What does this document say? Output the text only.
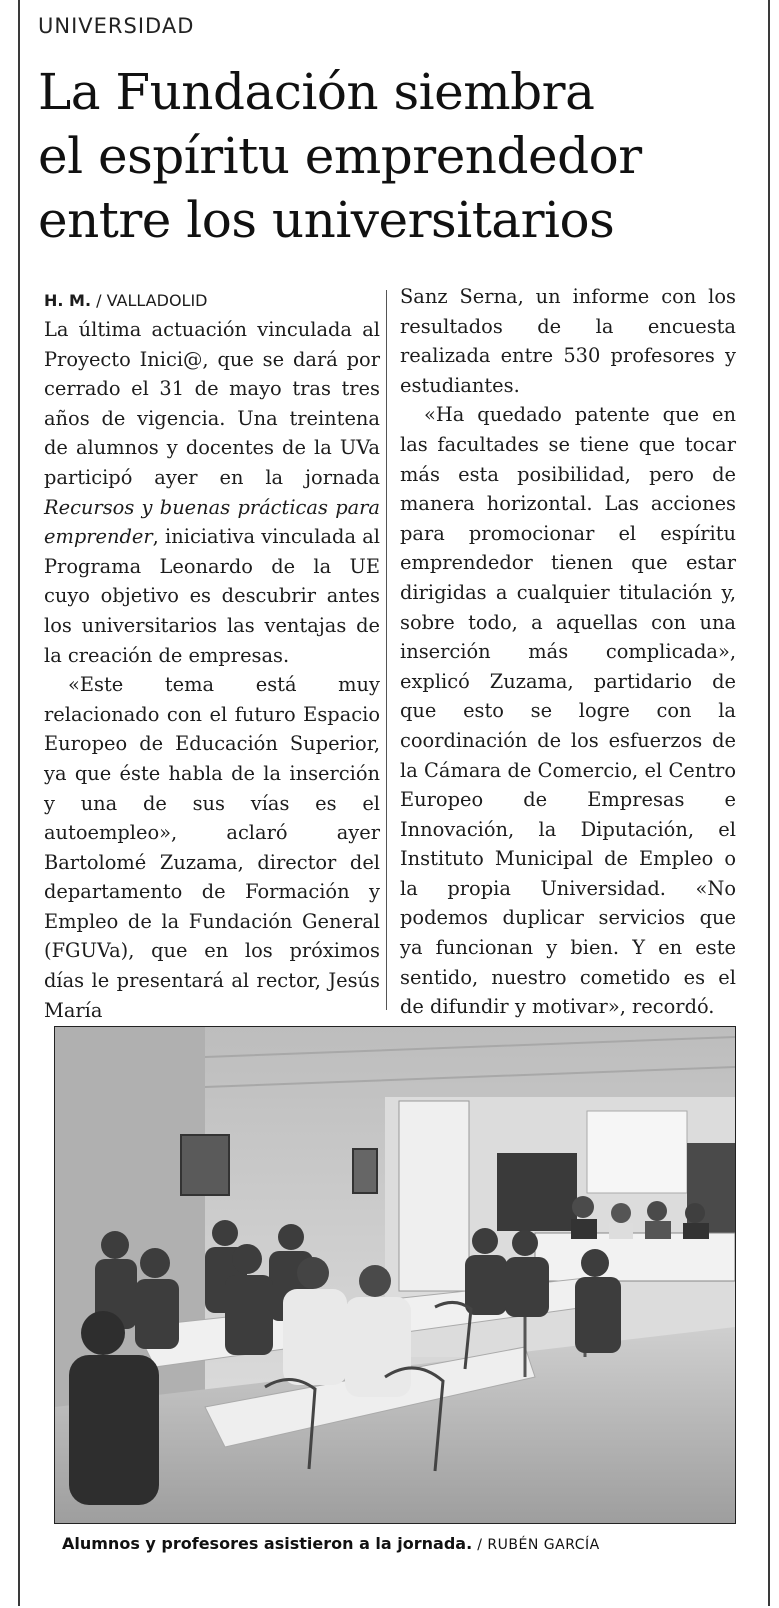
UNIVERSIDAD
La Fundación siembra
el espíritu emprendedor
entre los universitarios
H. M. / VALLADOLID

La última actuación vinculada al Proyecto Inici@, que se dará por cerrado el 31 de mayo tras tres años de vigencia. Una treintena de alumnos y docentes de la UVa participó ayer en la jornada Recursos y buenas prácticas para emprender, iniciativa vinculada al Programa Leonardo de la UE cuyo objetivo es descubrir antes los universitarios las ventajas de la creación de empresas.

«Este tema está muy relacionado con el futuro Espacio Europeo de Educación Superior, ya que éste habla de la inserción y una de sus vías es el autoempleo», aclaró ayer Bartolomé Zuzama, director del departamento de Formación y Empleo de la Fundación General (FGUVa), que en los próximos días le presentará al rector, Jesús María

Sanz Serna, un informe con los resultados de la encuesta realizada entre 530 profesores y estudiantes.

«Ha quedado patente que en las facultades se tiene que tocar más esta posibilidad, pero de manera horizontal. Las acciones para promocionar el espíritu emprendedor tienen que estar dirigidas a cualquier titulación y, sobre todo, a aquellas con una inserción más complicada», explicó Zuzama, partidario de que esto se logre con la coordinación de los esfuerzos de la Cámara de Comercio, el Centro Europeo de Empresas e Innovación, la Diputación, el Instituto Municipal de Empleo o la propia Universidad. «No podemos duplicar servicios que ya funcionan y bien. Y en este sentido, nuestro cometido es el de difundir y motivar», recordó.

Alumnos y profesores asistieron a la jornada. / RUBÉN GARCÍA
